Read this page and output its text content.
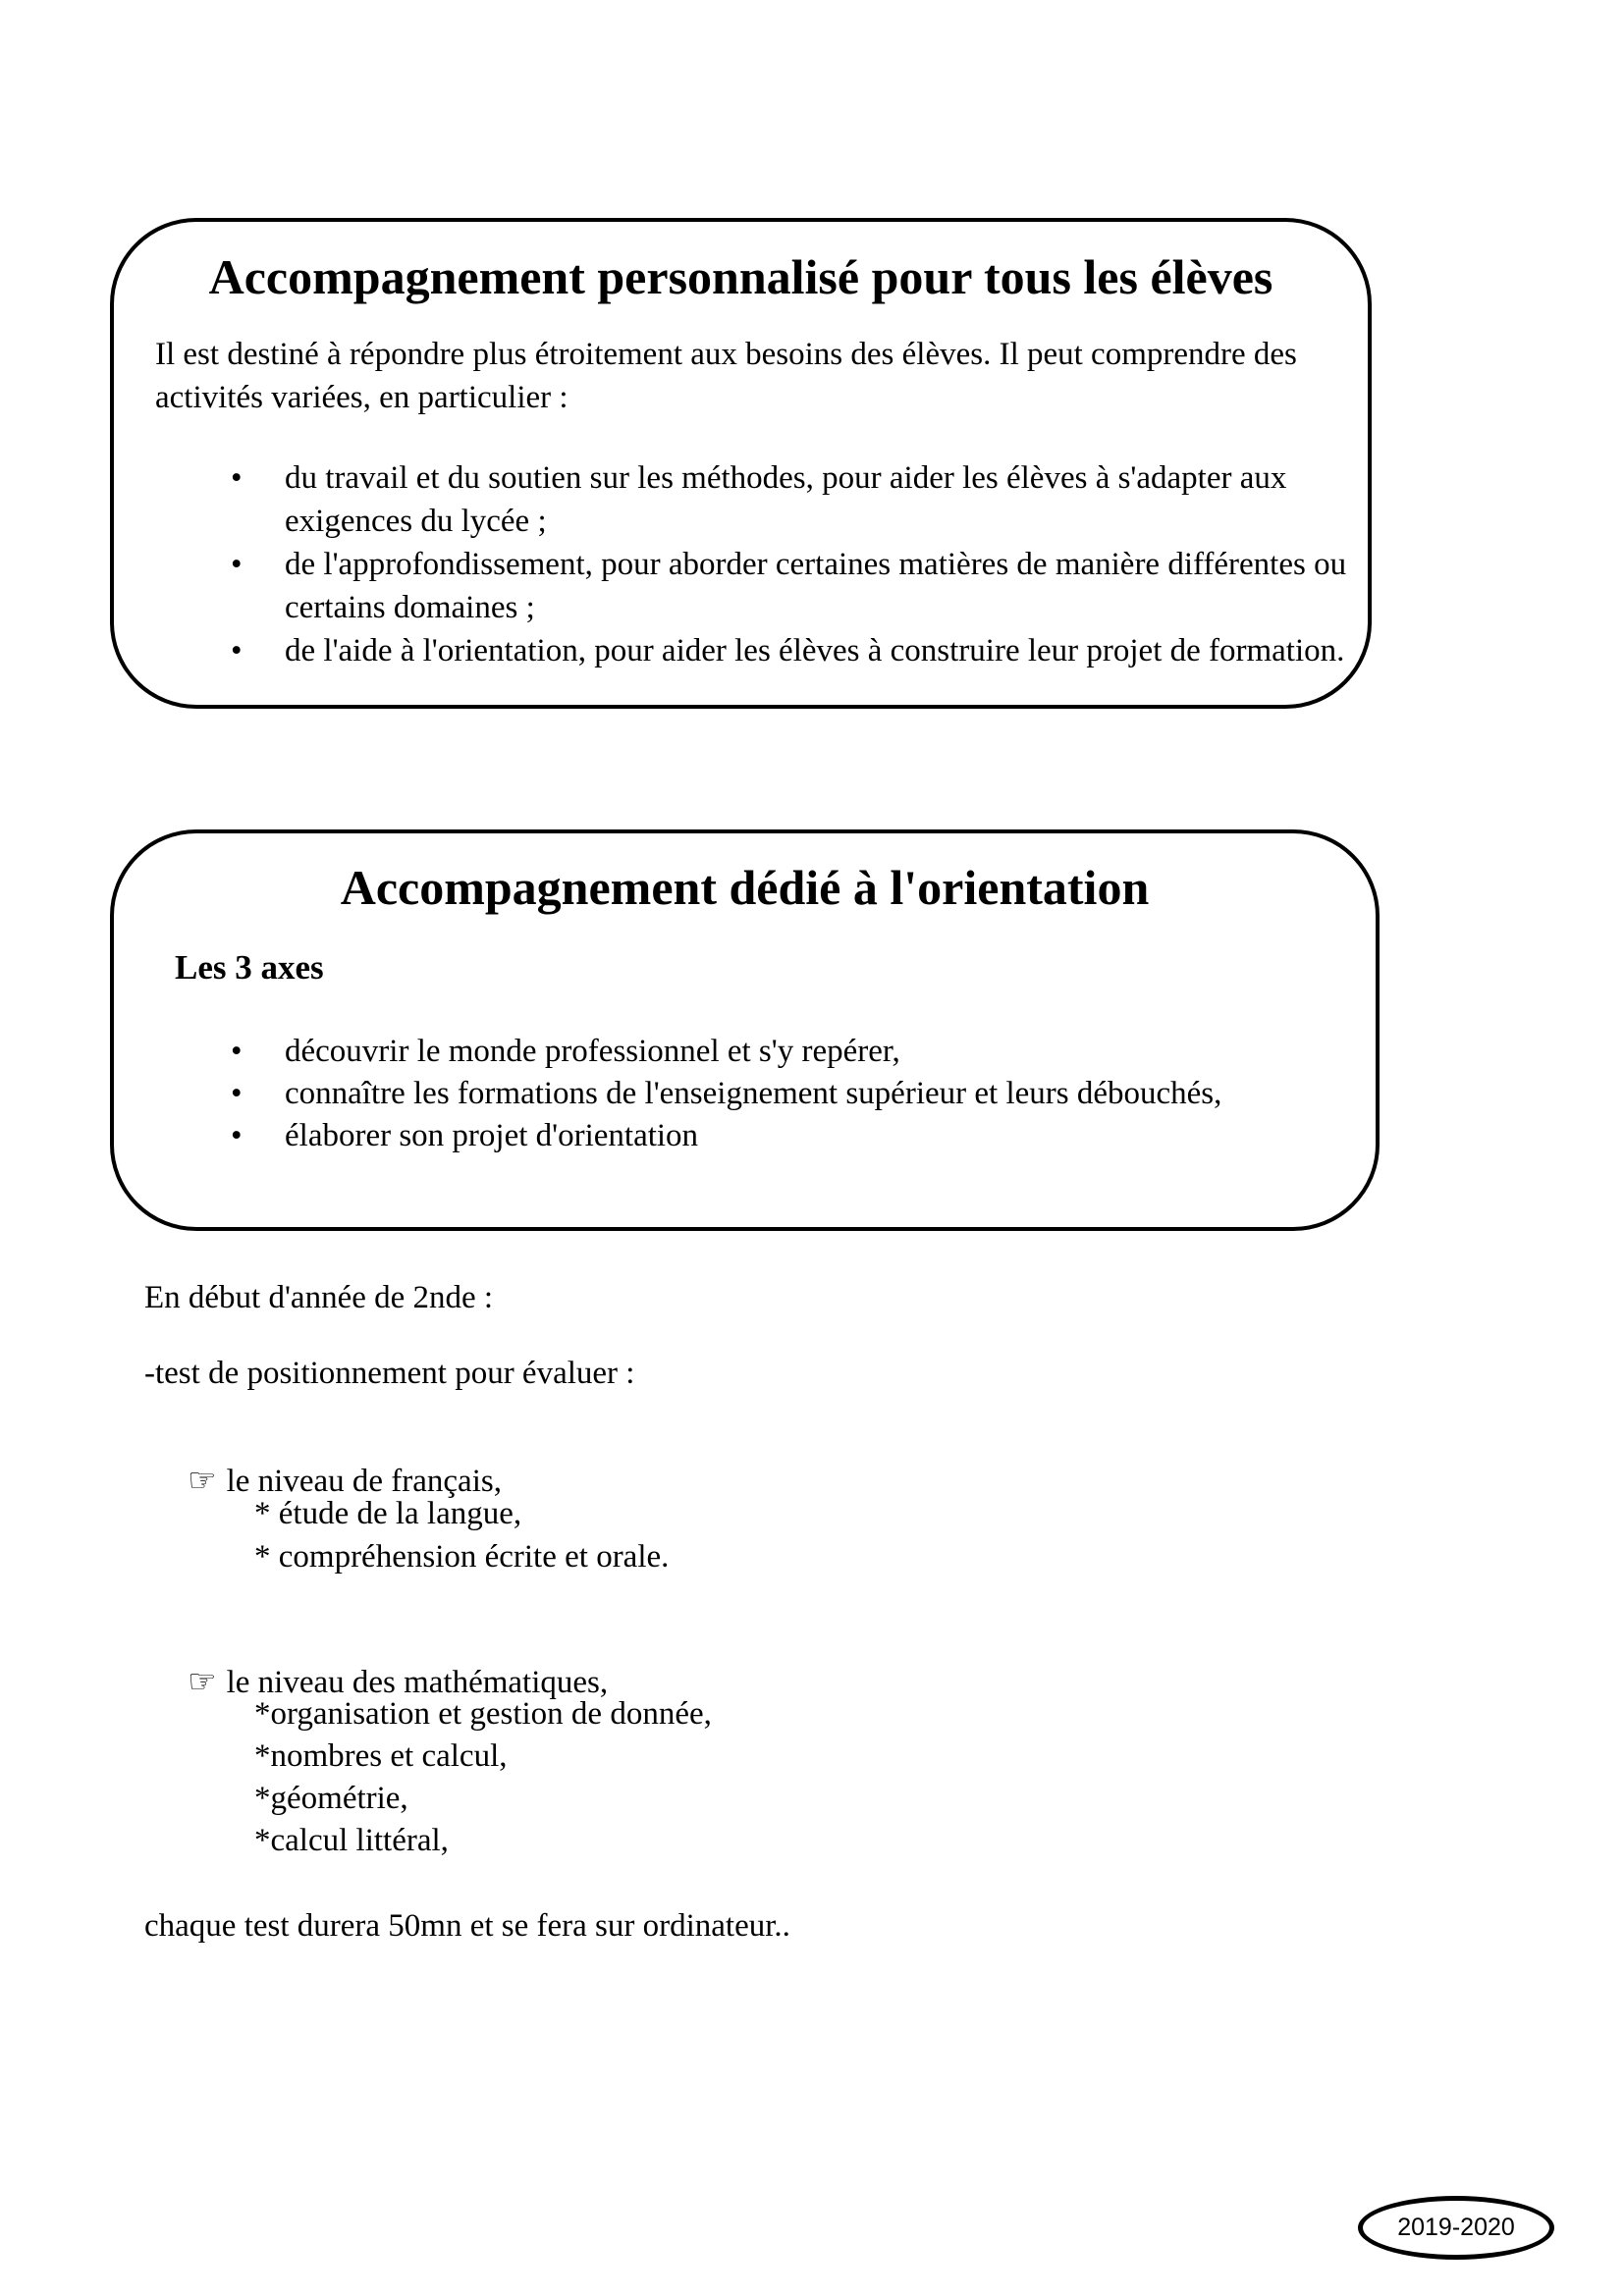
Accompagnement personnalisé pour tous les élèves

Il est destiné à répondre plus étroitement aux besoins des élèves. Il peut comprendre des activités variées, en particulier :

• du travail et du soutien sur les méthodes, pour aider les élèves à s'adapter aux exigences du lycée ;
• de l'approfondissement, pour aborder certaines matières de manière différentes ou certains domaines ;
• de l'aide à l'orientation, pour aider les élèves à construire leur projet de formation.
Accompagnement dédié à l'orientation
Les 3 axes
• découvrir le monde professionnel et s'y repérer,
• connaître les formations de l'enseignement supérieur et leurs débouchés,
• élaborer son projet d'orientation
En début d'année de 2nde :
-test de positionnement pour évaluer :

☞ le niveau de français,

* étude de la langue,
* compréhension écrite et orale.

☞ le niveau des mathématiques,

*organisation et gestion de donnée,
*nombres et calcul,
*géométrie,
*calcul littéral,
chaque test durera 50mn et se fera sur ordinateur..
2019-2020
